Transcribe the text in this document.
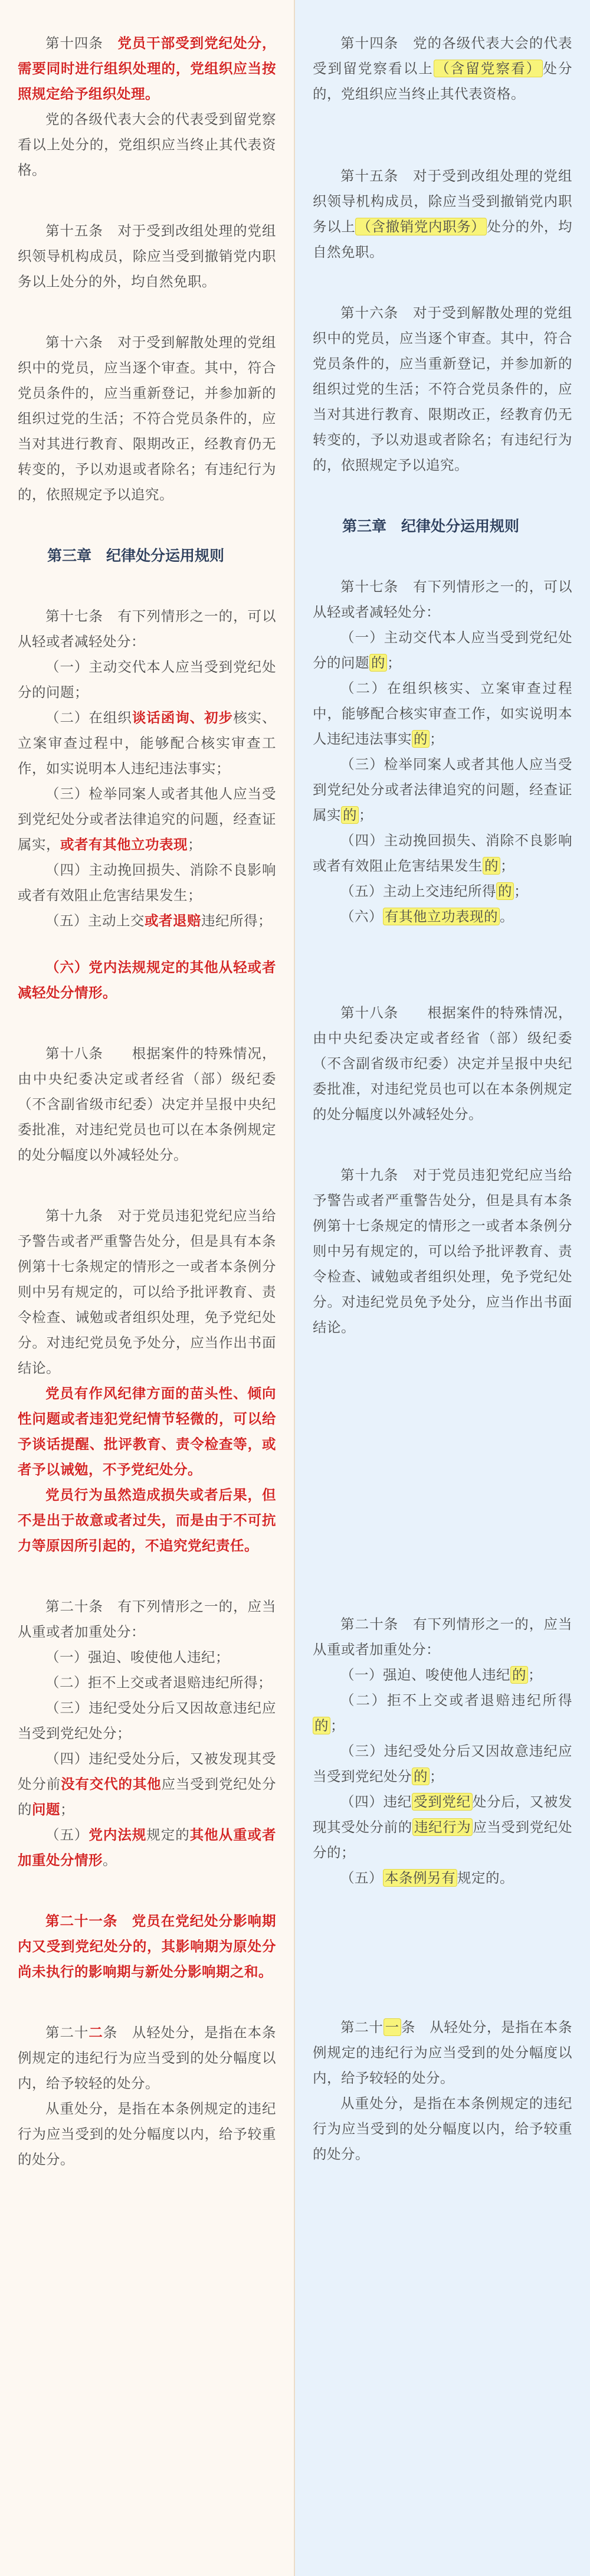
第十四条　 党员干部受到党纪处分，需要同时进行组织处理的，党组织应当按照规定给予组织处理。

党的各级代表大会的代表受到留党察看以上处分的，党组织应当终止其代表资格。

第十五条　对于受到改组处理的党组织领导机构成员，除应当受到撤销党内职务以上处分的外，均自然免职。

第十六条　对于受到解散处理的党组织中的党员，应当逐个审查。其中，符合党员条件的，应当重新登记，并参加新的组织过党的生活；不符合党员条件的，应当对其进行教育、限期改正，经教育仍无转变的，予以劝退或者除名；有违纪行为的，依照规定予以追究。

第三章　纪律处分运用规则

第十七条　有下列情形之一的，可以从轻或者减轻处分：

（一）主动交代本人应当受到党纪处分的问题；

（二）在组织谈话函询、初步核实、立案审查过程中，能够配合核实审查工作，如实说明本人违纪违法事实；

（三）检举同案人或者其他人应当受到党纪处分或者法律追究的问题，经查证属实，或者有其他立功表现；

（四）主动挽回损失、消除不良影响或者有效阻止危害结果发生；

（五）主动上交或者退赔违纪所得；

（六）党内法规规定的其他从轻或者减轻处分情形。

第十八条　　根据案件的特殊情况，由中央纪委决定或者经省（部）级纪委（不含副省级市纪委）决定并呈报中央纪委批准，对违纪党员也可以在本条例规定的处分幅度以外减轻处分。

第十九条　对于党员违犯党纪应当给予警告或者严重警告处分，但是具有本条例第十七条规定的情形之一或者本条例分则中另有规定的，可以给予批评教育、责令检查、诫勉或者组织处理，免予党纪处分。对违纪党员免予处分，应当作出书面结论。

党员有作风纪律方面的苗头性、倾向性问题或者违犯党纪情节轻微的，可以给予谈话提醒、批评教育、责令检查等，或者予以诫勉，不予党纪处分。

党员行为虽然造成损失或者后果，但不是出于故意或者过失，而是由于不可抗力等原因所引起的，不追究党纪责任。

第二十条　有下列情形之一的，应当从重或者加重处分：

（一）强迫、唆使他人违纪；

（二）拒不上交或者退赔违纪所得；

（三）违纪受处分后又因故意违纪应当受到党纪处分；

（四）违纪受处分后，又被发现其受处分前没有交代的其他应当受到党纪处分的问题；

（五）党内法规规定的其他从重或者加重处分情形。

第二十一条　党员在党纪处分影响期内又受到党纪处分的，其影响期为原处分尚未执行的影响期与新处分影响期之和。

第二十二条　从轻处分，是指在本条例规定的违纪行为应当受到的处分幅度以内，给予较轻的处分。

从重处分，是指在本条例规定的违纪行为应当受到的处分幅度以内，给予较重的处分。

第十四条　党的各级代表大会的代表受到留党察看以上 （含留党察看） 处分的，党组织应当终止其代表资格。

第十五条　对于受到改组处理的党组织领导机构成员，除应当受到撤销党内职务以上 （含撤销党内职务） 处分的外，均自然免职。

第十六条　对于受到解散处理的党组织中的党员，应当逐个审查。其中，符合党员条件的，应当重新登记，并参加新的组织过党的生活；不符合党员条件的，应当对其进行教育、限期改正，经教育仍无转变的，予以劝退或者除名；有违纪行为的，依照规定予以追究。

第三章　纪律处分运用规则

第十七条　有下列情形之一的，可以从轻或者减轻处分：

（一）主动交代本人应当受到党纪处分的问题 的 ；

（二）在组织核实、立案审查过程中，能够配合核实审查工作，如实说明本人违纪违法事实 的 ；

（三）检举同案人或者其他人应当受到党纪处分或者法律追究的问题，经查证属实 的 ；

（四）主动挽回损失、消除不良影响或者有效阻止危害结果发生 的 ；

（五）主动上交违纪所得 的 ；

（六） 有其他立功表现的 。

第十八条　　根据案件的特殊情况，由中央纪委决定或者经省（部）级纪委（不含副省级市纪委）决定并呈报中央纪委批准，对违纪党员也可以在本条例规定的处分幅度以外减轻处分。

第十九条　对于党员违犯党纪应当给予警告或者严重警告处分，但是具有本条例第十七条规定的情形之一或者本条例分则中另有规定的，可以给予批评教育、责令检查、诫勉或者组织处理，免予党纪处分。对违纪党员免予处分，应当作出书面结论。

第二十条　有下列情形之一的，应当从重或者加重处分：

（一）强迫、唆使他人违纪 的 ；

（二）拒不上交或者退赔违纪所得的 ；

（三）违纪受处分后又因故意违纪应当受到党纪处分 的 ；

（四）违纪 受到党纪 处分后，又被发现其受处分前的 违纪行为 应当受到党纪处分的；

（五） 本条例另有 规定的。

第二十 一 条　从轻处分，是指在本条例规定的违纪行为应当受到的处分幅度以内，给予较轻的处分。

从重处分，是指在本条例规定的违纪行为应当受到的处分幅度以内，给予较重的处分。
